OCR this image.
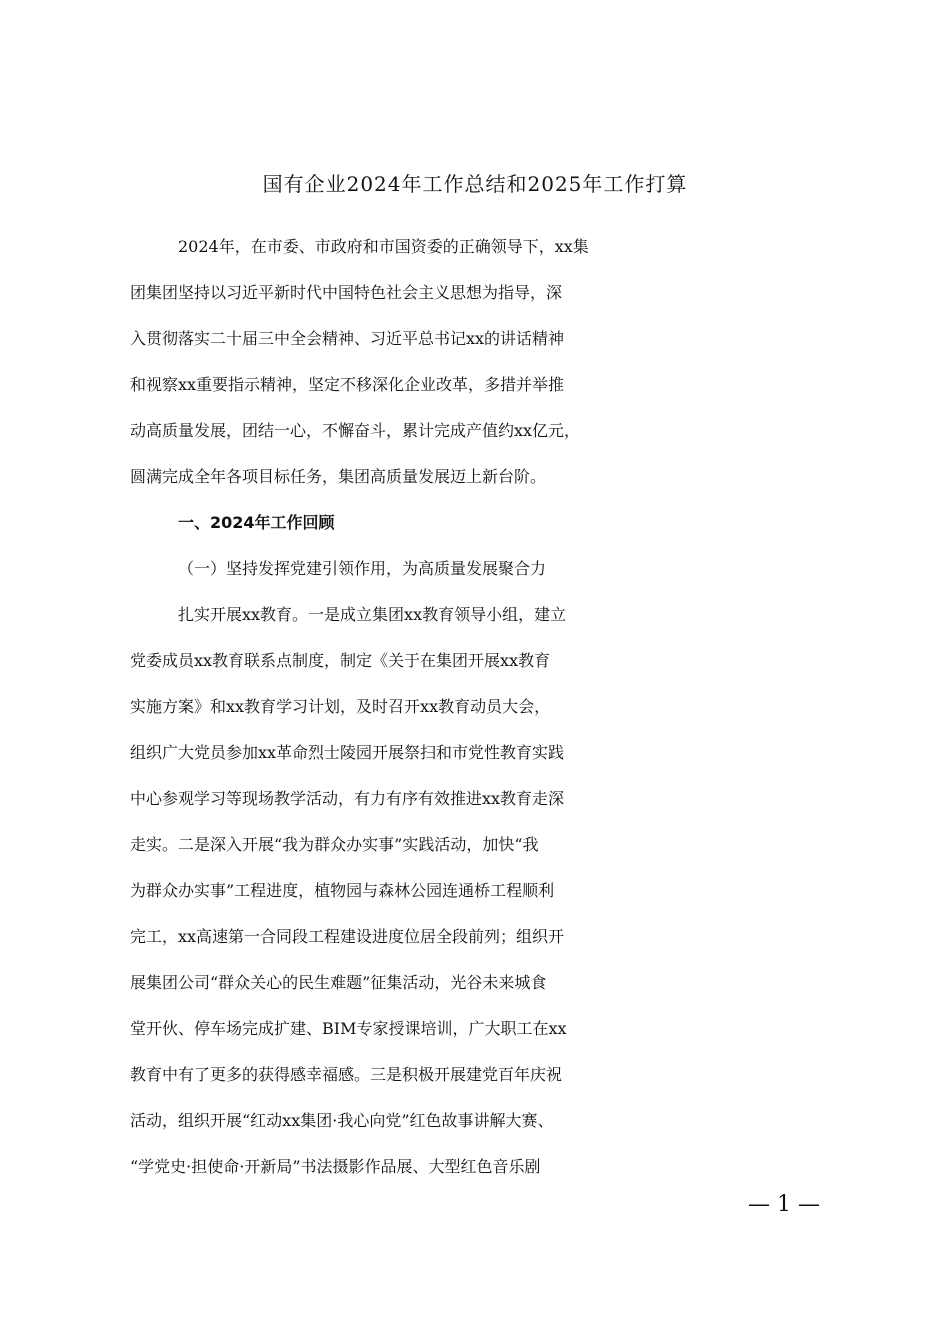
国有企业2024年工作总结和2025年工作打算
2024年，在市委、市政府和市国资委的正确领导下，xx集
团集团坚持以习近平新时代中国特色社会主义思想为指导，深
入贯彻落实二十届三中全会精神、习近平总书记xx的讲话精神
和视察xx重要指示精神，坚定不移深化企业改革，多措并举推
动高质量发展，团结一心，不懈奋斗，累计完成产值约xx亿元，
圆满完成全年各项目标任务，集团高质量发展迈上新台阶。
一、2024年工作回顾
（一）坚持发挥党建引领作用，为高质量发展聚合力
扎实开展xx教育。一是成立集团xx教育领导小组，建立
党委成员xx教育联系点制度，制定《关于在集团开展xx教育
实施方案》和xx教育学习计划，及时召开xx教育动员大会，
组织广大党员参加xx革命烈士陵园开展祭扫和市党性教育实践
中心参观学习等现场教学活动，有力有序有效推进xx教育走深
走实。二是深入开展“我为群众办实事”实践活动，加快“我
为群众办实事”工程进度，植物园与森林公园连通桥工程顺利
完工，xx高速第一合同段工程建设进度位居全段前列；组织开
展集团公司“群众关心的民生难题”征集活动，光谷未来城食
堂开伙、停车场完成扩建、BIM专家授课培训，广大职工在xx
教育中有了更多的获得感幸福感。三是积极开展建党百年庆祝
活动，组织开展“红动xx集团·我心向党”红色故事讲解大赛、
“学党史·担使命·开新局”书法摄影作品展、大型红色音乐剧
— 1 —
